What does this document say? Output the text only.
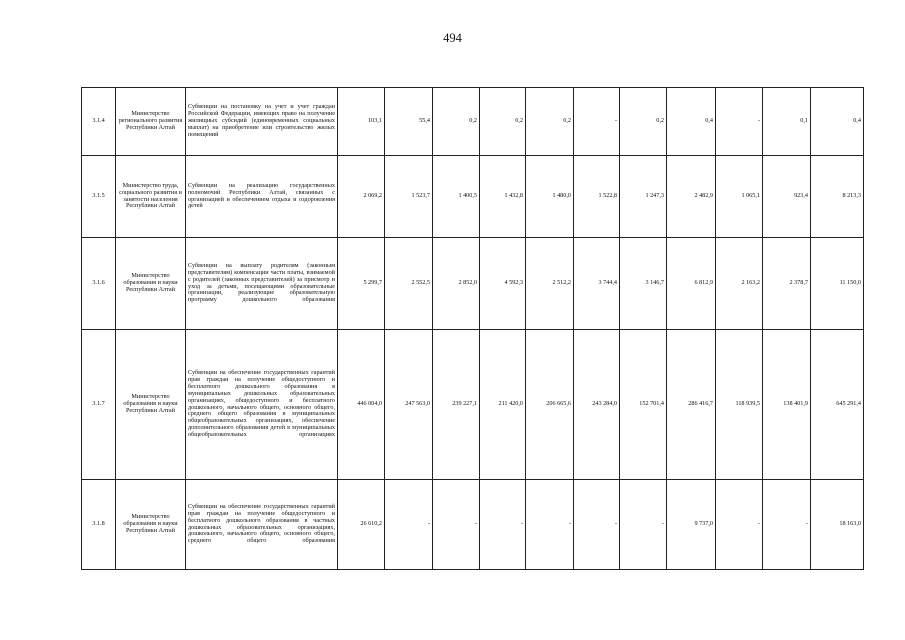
494
3.1.4	Министерство регионального развития Республики Алтай	Субвенции на постановку на учет и учет граждан Российской Федерации, имеющих право на получение жилищных субсидий (единовременных социальных выплат) на приобретение или строительство жилых помещений	103,1	55,4	0,2	0,2	0,2	-	0,2	0,4	-	0,1	0,4
3.1.5	Министерство труда, социального развития и занятости населения Республики Алтай	Субвенции на реализацию государственных полномочий Республики Алтай, связанных с организацией и обеспечением отдыха и оздоровления детей	2 069,2	1 523,7	1 400,5	1 432,8	1 480,0	1 522,8	1 247,3	2 482,9	1 065,1	923,4	8 213,3
3.1.6	Министерство образования и науки Республики Алтай	Субвенции на выплату родителям (законным представителям) компенсации части платы, взимаемой с родителей (законных представителей) за присмотр и уход за детьми, посещающими образовательные организации, реализующие образовательную программу дошкольного образования	5 299,7	2 552,5	2 852,0	4 592,3	2 512,2	3 744,4	3 146,7	6 812,9	2 163,2	2 378,7	11 150,0
3.1.7	Министерство образования и науки Республики Алтай	Субвенции на обеспечение государственных гарантий прав граждан на получение общедоступного и бесплатного дошкольного образования в муниципальных дошкольных образовательных организациях, общедоступного и бесплатного дошкольного, начального общего, основного общего, среднего общего образования в муниципальных общеобразовательных организациях, обеспечение дополнительного образования детей в муниципальных общеобразовательных организациях	446 004,0	247 563,0	239 227,1	211 420,0	206 665,6	243 284,0	152 701,4	286 416,7	118 939,5	138 401,9	645 291,4
3.1.8	Министерство образования и науки Республики Алтай	Субвенции на обеспечение государственных гарантий прав граждан на получение общедоступного и бесплатного дошкольного образования в частных дошкольных образовательных организациях, дошкольного, начального общего, основного общего, среднего общего образования	26 610,2	-	-	-	-	-	-	9 737,0	-	-	18 163,0
